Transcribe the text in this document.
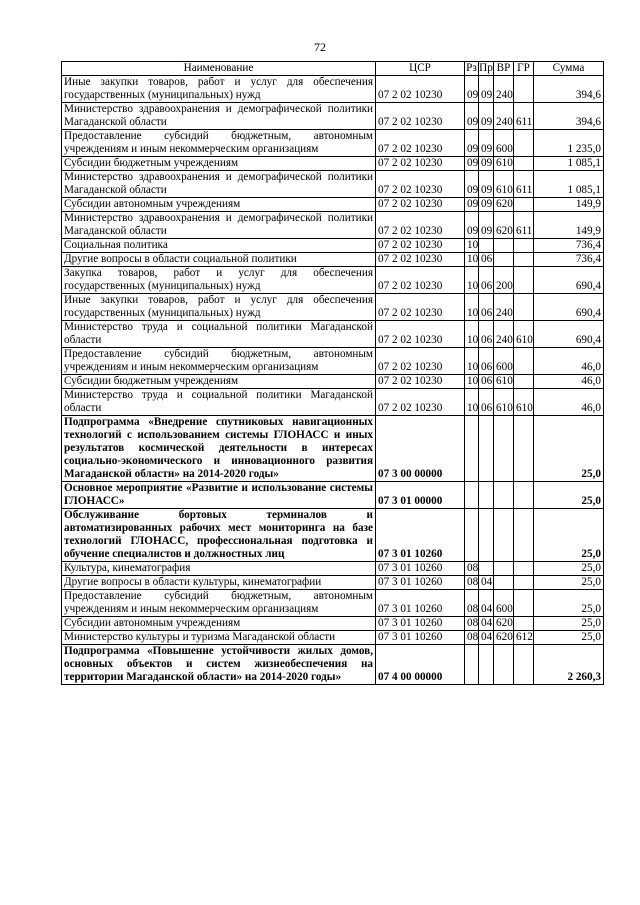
72
Наименование	ЦСР	Рз	Пр	ВР	ГР	Сумма
Иные закупки товаров, работ и услуг для обеспечения государственных (муниципальных) нужд	07 2 02 10230	09	09	240		394,6
Министерство здравоохранения и демографической политики Магаданской области	07 2 02 10230	09	09	240	611	394,6
Предоставление субсидий бюджетным, автономным учреждениям и иным некоммерческим организациям	07 2 02 10230	09	09	600		1 235,0
Субсидии бюджетным учреждениям	07 2 02 10230	09	09	610		1 085,1
Министерство здравоохранения и демографической политики Магаданской области	07 2 02 10230	09	09	610	611	1 085,1
Субсидии автономным учреждениям	07 2 02 10230	09	09	620		149,9
Министерство здравоохранения и демографической политики Магаданской области	07 2 02 10230	09	09	620	611	149,9
Социальная политика	07 2 02 10230	10				736,4
Другие вопросы в области социальной политики	07 2 02 10230	10	06			736,4
Закупка товаров, работ и услуг для обеспечения государственных (муниципальных) нужд	07 2 02 10230	10	06	200		690,4
Иные закупки товаров, работ и услуг для обеспечения государственных (муниципальных) нужд	07 2 02 10230	10	06	240		690,4
Министерство труда и социальной политики Магаданской области	07 2 02 10230	10	06	240	610	690,4
Предоставление субсидий бюджетным, автономным учреждениям и иным некоммерческим организациям	07 2 02 10230	10	06	600		46,0
Субсидии бюджетным учреждениям	07 2 02 10230	10	06	610		46,0
Министерство труда и социальной политики Магаданской области	07 2 02 10230	10	06	610	610	46,0
Подпрограмма «Внедрение спутниковых навигационных технологий с использованием системы ГЛОНАСС и иных результатов космической деятельности в интересах социально-экономического и инновационного развития Магаданской области» на 2014-2020 годы»	07 3 00 00000					25,0
Основное мероприятие «Развитие и использование системы ГЛОНАСС»	07 3 01 00000					25,0
Обслуживание бортовых терминалов и автоматизированных рабочих мест мониторинга на базе технологий ГЛОНАСС, профессиональная подготовка и обучение специалистов и должностных лиц	07 3 01 10260					25,0
Культура, кинематография	07 3 01 10260	08				25,0
Другие вопросы в области культуры, кинематографии	07 3 01 10260	08	04			25,0
Предоставление субсидий бюджетным, автономным учреждениям и иным некоммерческим организациям	07 3 01 10260	08	04	600		25,0
Субсидии автономным учреждениям	07 3 01 10260	08	04	620		25,0
Министерство культуры и туризма Магаданской области	07 3 01 10260	08	04	620	612	25,0
Подпрограмма «Повышение устойчивости жилых домов, основных объектов и систем жизнеобеспечения на территории Магаданской области» на 2014-2020 годы»	07 4 00 00000					2 260,3
